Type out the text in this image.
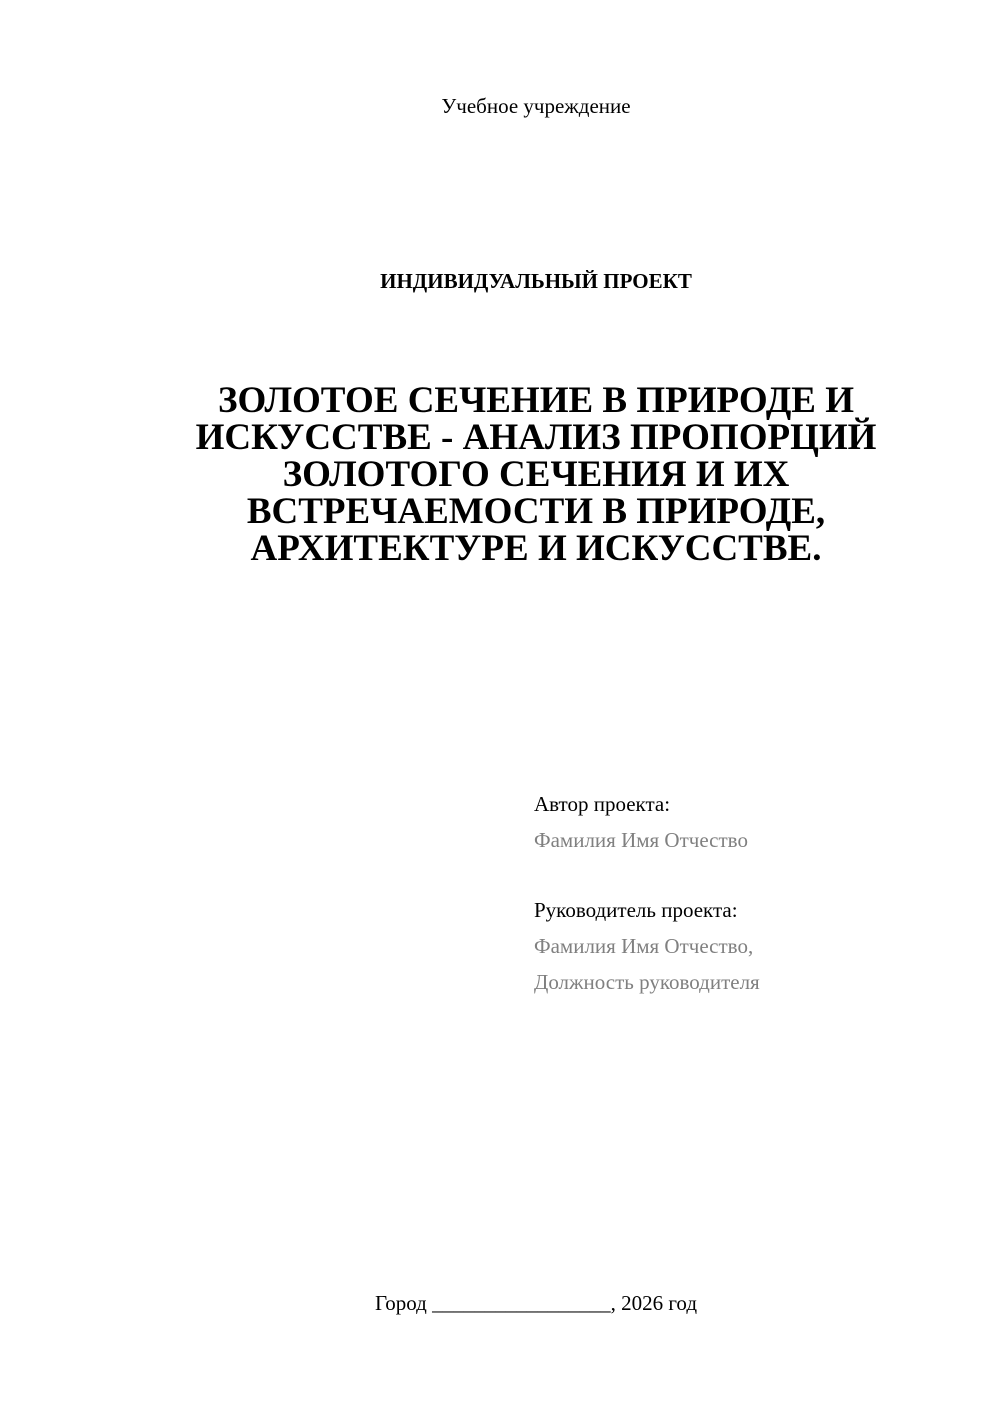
Учебное учреждение
ИНДИВИДУАЛЬНЫЙ ПРОЕКТ
ЗОЛОТОЕ СЕЧЕНИЕ В ПРИРОДЕ И
ИСКУССТВЕ - АНАЛИЗ ПРОПОРЦИЙ
ЗОЛОТОГО СЕЧЕНИЯ И ИХ
ВСТРЕЧАЕМОСТИ В ПРИРОДЕ,
АРХИТЕКТУРЕ И ИСКУССТВЕ.
Автор проекта:
Фамилия Имя Отчество
Руководитель проекта:
Фамилия Имя Отчество,
Должность руководителя
Город _________________, 2026 год
